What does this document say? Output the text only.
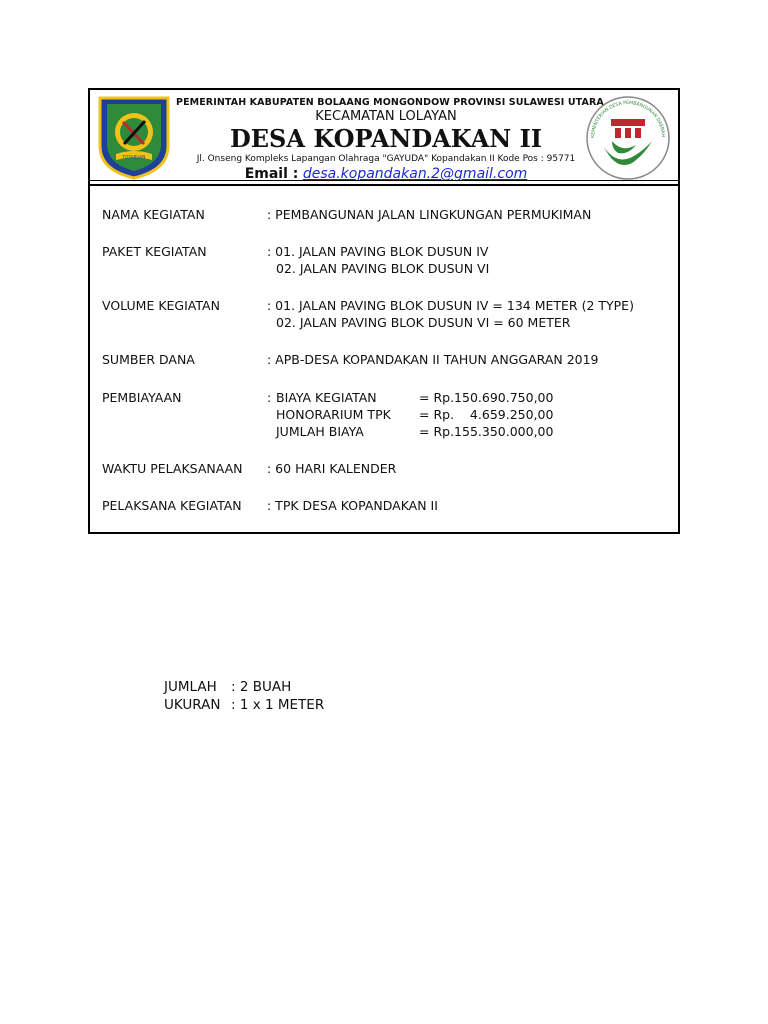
TOTABUAN
PEMERINTAH KABUPATEN BOLAANG MONGONDOW PROVINSI SULAWESI UTARA
KECAMATAN LOLAYAN
DESA KOPANDAKAN II
Jl. Onseng Kompleks Lapangan Olahraga "GAYUDA" Kopandakan II Kode Pos : 95771
Email : desa.kopandakan.2@gmail.com
KEMENTERIAN DESA PEMBANGUNAN DAERAH
NAMA KEGIATAN	: PEMBANGUNAN JALAN LINGKUNGAN PERMUKIMAN
PAKET KEGIATAN	: 01. JALAN PAVING BLOK DUSUN IV
02. JALAN PAVING BLOK DUSUN VI
VOLUME KEGIATAN	: 01. JALAN PAVING BLOK DUSUN IV = 134 METER (2 TYPE)
02. JALAN PAVING BLOK DUSUN VI = 60 METER
SUMBER DANA	: APB-DESA KOPANDAKAN II TAHUN ANGGARAN 2019
PEMBIAYAAN	:BIAYA KEGIATAN	= Rp.150.690.750,00
HONORARIUM TPK = Rp.    4.659.250,00
JUMLAH BIAYA	= Rp.155.350.000,00
WAKTU PELAKSANAAN : 60 HARI KALENDER
PELAKSANA KEGIATAN : TPK DESA KOPANDAKAN II
JUMLAH : 2 BUAH
UKURAN : 1 x 1 METER
